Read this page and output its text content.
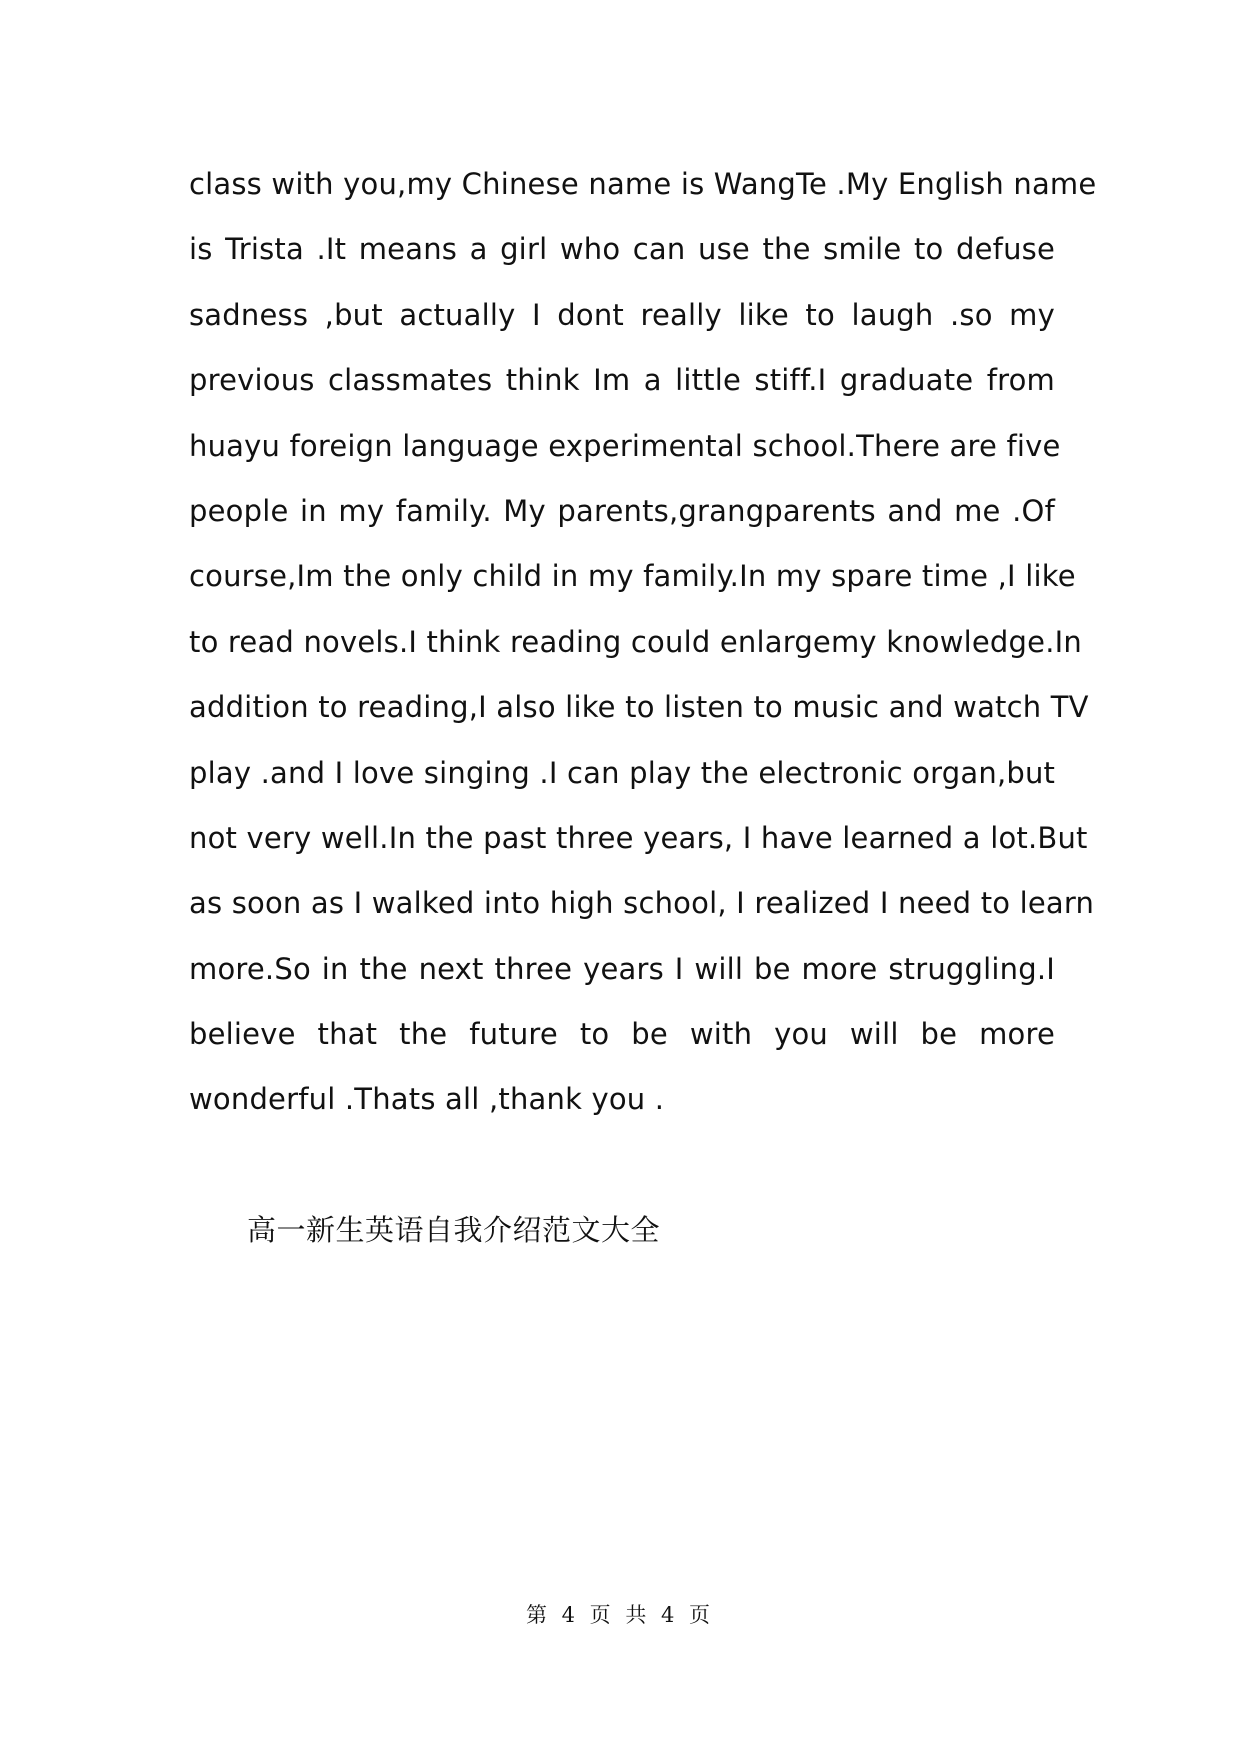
class with you,my Chinese name is WangTe .My English name
is Trista .It means a girl who can use the smile to defuse
sadness ,but actually I dont really like to laugh .so my
previous classmates think Im a little stiff.I graduate from
huayu foreign language experimental school.There are five
people in my family. My parents,grangparents and me .Of
course,Im the only child in my family.In my spare time ,I like
to read novels.I think reading could enlargemy knowledge.In
addition to reading,I also like to listen to music and watch TV
play .and I love singing .I can play the electronic organ,but
not very well.In the past three years, I have learned a lot.But
as soon as I walked into high school, I realized I need to learn
more.So in the next three years I will be more struggling.I
believe that the future to be with you will be more
wonderful .Thats all ,thank you .
高一新生英语自我介绍范文大全
第 4 页 共 4 页
